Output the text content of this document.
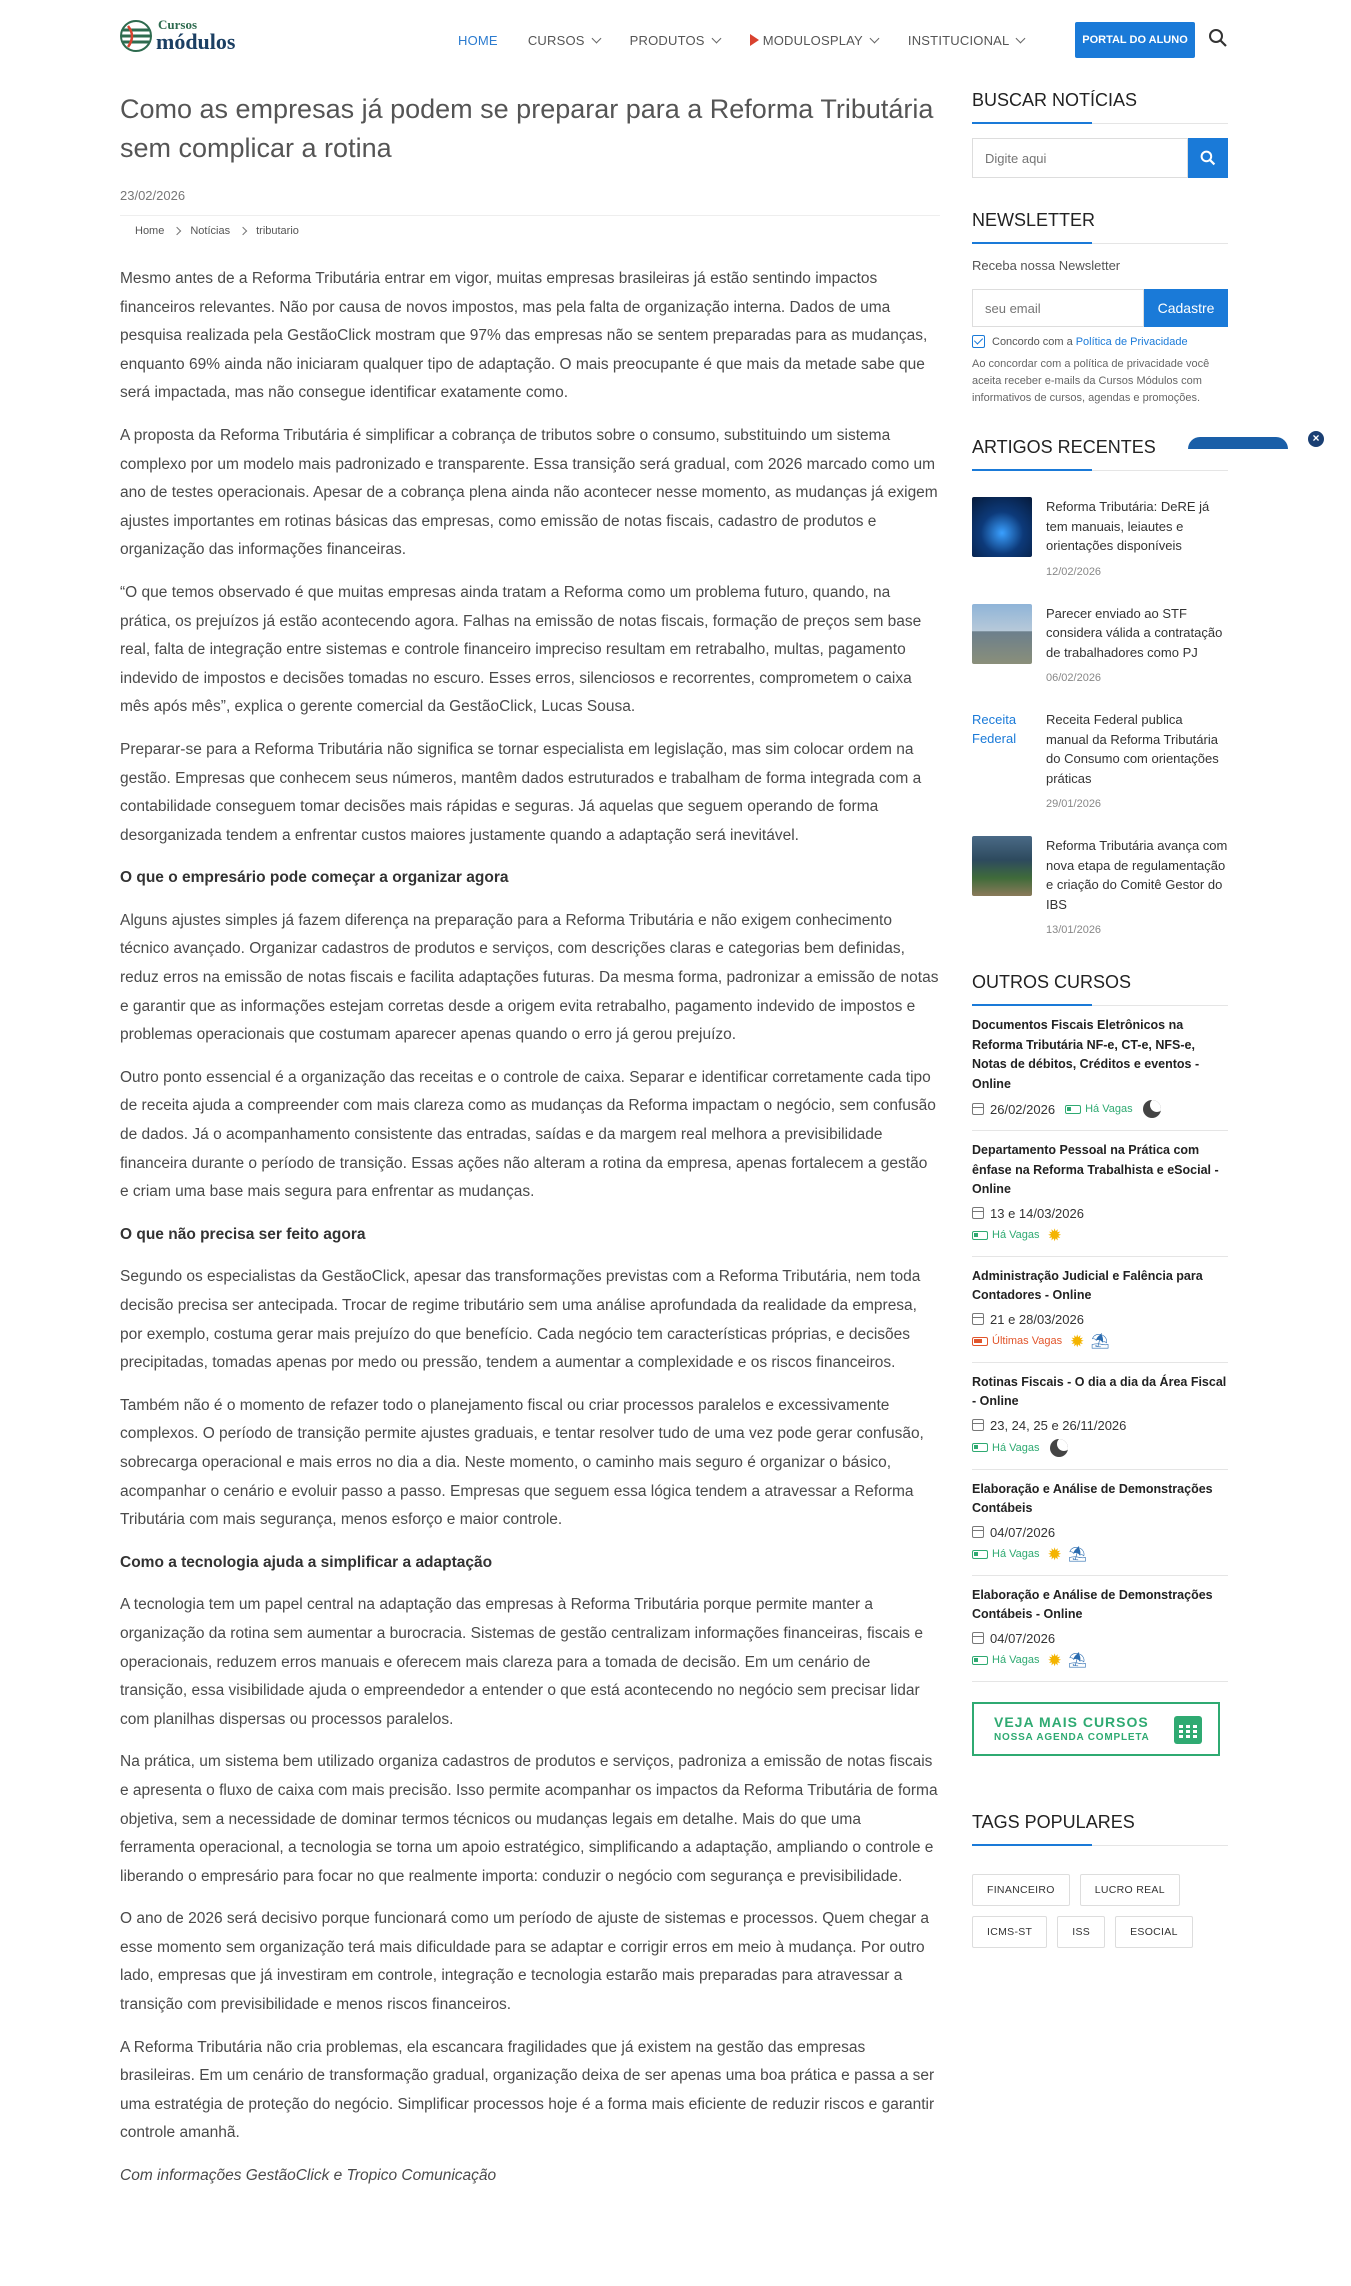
Cursos
módulos	HOME CURSOS	PRODUTOS	MODULOSPLAY	INSTITUCIONAL	PORTAL DO ALUNO
Como as empresas já podem se preparar para a Reforma Tributária sem complicar a rotina
23/02/2026
Home Notícias tributario

Mesmo antes de a Reforma Tributária entrar em vigor, muitas empresas brasileiras já estão sentindo impactos financeiros relevantes. Não por causa de novos impostos, mas pela falta de organização interna. Dados de uma pesquisa realizada pela GestãoClick mostram que 97% das empresas não se sentem preparadas para as mudanças, enquanto 69% ainda não iniciaram qualquer tipo de adaptação. O mais preocupante é que mais da metade sabe que será impactada, mas não consegue identificar exatamente como.

A proposta da Reforma Tributária é simplificar a cobrança de tributos sobre o consumo, substituindo um sistema complexo por um modelo mais padronizado e transparente. Essa transição será gradual, com 2026 marcado como um ano de testes operacionais. Apesar de a cobrança plena ainda não acontecer nesse momento, as mudanças já exigem ajustes importantes em rotinas básicas das empresas, como emissão de notas fiscais, cadastro de produtos e organização das informações financeiras.

“O que temos observado é que muitas empresas ainda tratam a Reforma como um problema futuro, quando, na prática, os prejuízos já estão acontecendo agora. Falhas na emissão de notas fiscais, formação de preços sem base real, falta de integração entre sistemas e controle financeiro impreciso resultam em retrabalho, multas, pagamento indevido de impostos e decisões tomadas no escuro. Esses erros, silenciosos e recorrentes, comprometem o caixa mês após mês”, explica o gerente comercial da GestãoClick, Lucas Sousa.

Preparar-se para a Reforma Tributária não significa se tornar especialista em legislação, mas sim colocar ordem na gestão. Empresas que conhecem seus números, mantêm dados estruturados e trabalham de forma integrada com a contabilidade conseguem tomar decisões mais rápidas e seguras. Já aquelas que seguem operando de forma desorganizada tendem a enfrentar custos maiores justamente quando a adaptação será inevitável.

O que o empresário pode começar a organizar agora

Alguns ajustes simples já fazem diferença na preparação para a Reforma Tributária e não exigem conhecimento técnico avançado. Organizar cadastros de produtos e serviços, com descrições claras e categorias bem definidas, reduz erros na emissão de notas fiscais e facilita adaptações futuras. Da mesma forma, padronizar a emissão de notas e garantir que as informações estejam corretas desde a origem evita retrabalho, pagamento indevido de impostos e problemas operacionais que costumam aparecer apenas quando o erro já gerou prejuízo.

Outro ponto essencial é a organização das receitas e o controle de caixa. Separar e identificar corretamente cada tipo de receita ajuda a compreender com mais clareza como as mudanças da Reforma impactam o negócio, sem confusão de dados. Já o acompanhamento consistente das entradas, saídas e da margem real melhora a previsibilidade financeira durante o período de transição. Essas ações não alteram a rotina da empresa, apenas fortalecem a gestão e criam uma base mais segura para enfrentar as mudanças.

O que não precisa ser feito agora

Segundo os especialistas da GestãoClick, apesar das transformações previstas com a Reforma Tributária, nem toda decisão precisa ser antecipada. Trocar de regime tributário sem uma análise aprofundada da realidade da empresa, por exemplo, costuma gerar mais prejuízo do que benefício. Cada negócio tem características próprias, e decisões precipitadas, tomadas apenas por medo ou pressão, tendem a aumentar a complexidade e os riscos financeiros.

Também não é o momento de refazer todo o planejamento fiscal ou criar processos paralelos e excessivamente complexos. O período de transição permite ajustes graduais, e tentar resolver tudo de uma vez pode gerar confusão, sobrecarga operacional e mais erros no dia a dia. Neste momento, o caminho mais seguro é organizar o básico, acompanhar o cenário e evoluir passo a passo. Empresas que seguem essa lógica tendem a atravessar a Reforma Tributária com mais segurança, menos esforço e maior controle.

Como a tecnologia ajuda a simplificar a adaptação

A tecnologia tem um papel central na adaptação das empresas à Reforma Tributária porque permite manter a organização da rotina sem aumentar a burocracia. Sistemas de gestão centralizam informações financeiras, fiscais e operacionais, reduzem erros manuais e oferecem mais clareza para a tomada de decisão. Em um cenário de transição, essa visibilidade ajuda o empreendedor a entender o que está acontecendo no negócio sem precisar lidar com planilhas dispersas ou processos paralelos.

Na prática, um sistema bem utilizado organiza cadastros de produtos e serviços, padroniza a emissão de notas fiscais e apresenta o fluxo de caixa com mais precisão. Isso permite acompanhar os impactos da Reforma Tributária de forma objetiva, sem a necessidade de dominar termos técnicos ou mudanças legais em detalhe. Mais do que uma ferramenta operacional, a tecnologia se torna um apoio estratégico, simplificando a adaptação, ampliando o controle e liberando o empresário para focar no que realmente importa: conduzir o negócio com segurança e previsibilidade.

O ano de 2026 será decisivo porque funcionará como um período de ajuste de sistemas e processos. Quem chegar a esse momento sem organização terá mais dificuldade para se adaptar e corrigir erros em meio à mudança. Por outro lado, empresas que já investiram em controle, integração e tecnologia estarão mais preparadas para atravessar a transição com previsibilidade e menos riscos financeiros.

A Reforma Tributária não cria problemas, ela escancara fragilidades que já existem na gestão das empresas brasileiras. Em um cenário de transformação gradual, organização deixa de ser apenas uma boa prática e passa a ser uma estratégia de proteção do negócio. Simplificar processos hoje é a forma mais eficiente de reduzir riscos e garantir controle amanhã.

Com informações GestãoClick e Tropico Comunicação

BUSCAR NOTÍCIAS
Digite aqui
NEWSLETTER
Receba nossa Newsletter
seu email
Cadastre
Concordo com a Política de Privacidade
Ao concordar com a política de privacidade você aceita receber e-mails da Cursos Módulos com informativos de cursos, agendas e promoções.
ARTIGOS RECENTES
Reforma Tributária: DeRE já tem manuais, leiautes e orientações disponíveis
12/02/2026
Parecer enviado ao STF considera válida a contratação de trabalhadores como PJ
06/02/2026
Receita Federal
Receita Federal publica manual da Reforma Tributária do Consumo com orientações práticas
29/01/2026
Reforma Tributária avança com nova etapa de regulamentação e criação do Comitê Gestor do IBS
13/01/2026
OUTROS CURSOS
Documentos Fiscais Eletrônicos na Reforma Tributária NF-e, CT-e, NFS-e, Notas de débitos, Créditos e eventos - Online
26/02/2026	Há Vagas
Departamento Pessoal na Prática com ênfase na Reforma Trabalhista e eSocial - Online
13 e 14/03/2026
Há Vagas ✹
Administração Judicial e Falência para Contadores - Online
21 e 28/03/2026
Últimas Vagas ✹ ⛱
Rotinas Fiscais - O dia a dia da Área Fiscal - Online
23, 24, 25 e 26/11/2026
Há Vagas
Elaboração e Análise de Demonstrações Contábeis
04/07/2026
Há Vagas ✹ ⛱
Elaboração e Análise de Demonstrações Contábeis - Online
04/07/2026
Há Vagas ✹ ⛱
VEJA MAIS CURSOS
NOSSA AGENDA COMPLETA
TAGS POPULARES
FINANCEIRO	LUCRO REAL
ICMS-ST	ISS	ESOCIAL
×
